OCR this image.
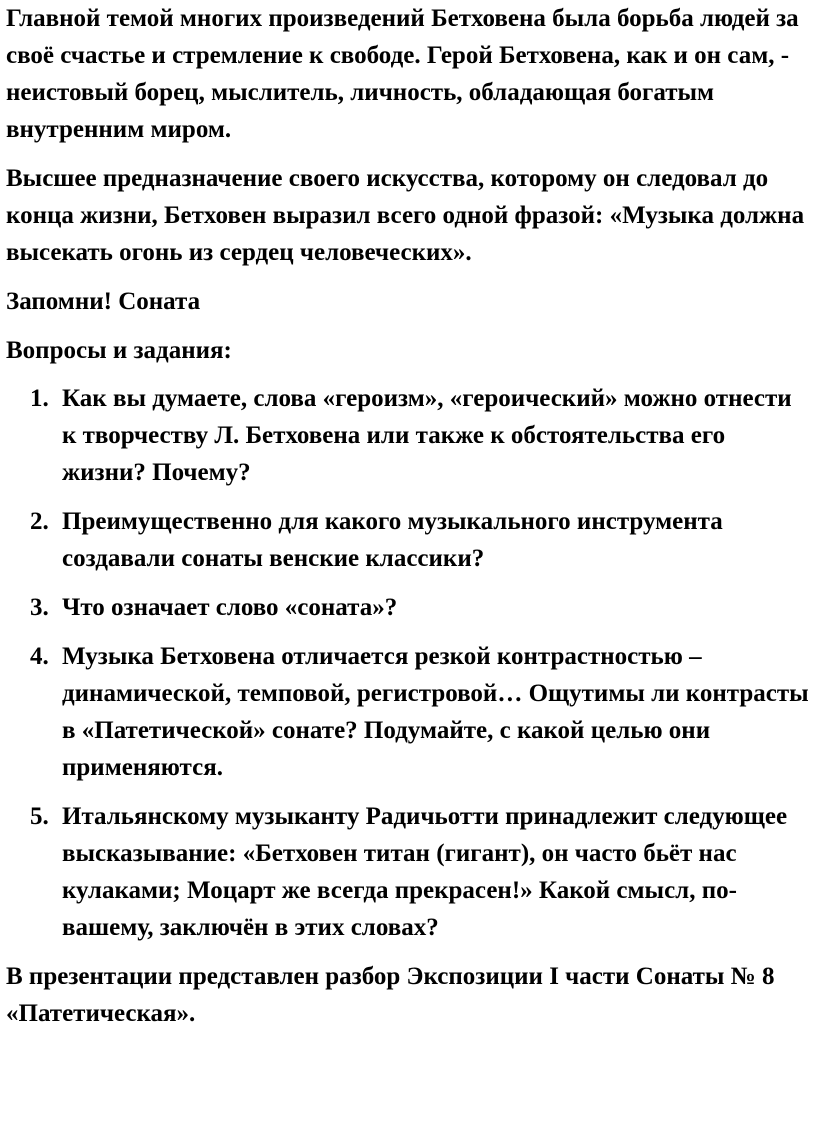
Главной темой многих произведений Бетховена была борьба людей за своё счастье и стремление к свободе. Герой Бетховена, как и он сам, - неистовый борец, мыслитель, личность, обладающая богатым внутренним миром.

Высшее предназначение своего искусства, которому он следовал до конца жизни, Бетховен выразил всего одной фразой: «Музыка должна высекать огонь из сердец человеческих».

Запомни! Соната

Вопросы и задания:

1. Как вы думаете, слова «героизм», «героический» можно отнести к творчеству Л. Бетховена или также к обстоятельства его жизни? Почему?
2. Преимущественно для какого музыкального инструмента создавали сонаты венские классики?
3. Что означает слово «соната»?
4. Музыка Бетховена отличается резкой контрастностью – динамической, темповой, регистровой… Ощутимы ли контрасты в «Патетической» сонате? Подумайте, с какой целью они применяются.
5. Итальянскому музыканту Радичьотти принадлежит следующее высказывание: «Бетховен титан (гигант), он часто бьёт нас кулаками; Моцарт же всегда прекрасен!» Какой смысл, по-вашему, заключён в этих словах?

В презентации представлен разбор Экспозиции I части Сонаты № 8 «Патетическая».
